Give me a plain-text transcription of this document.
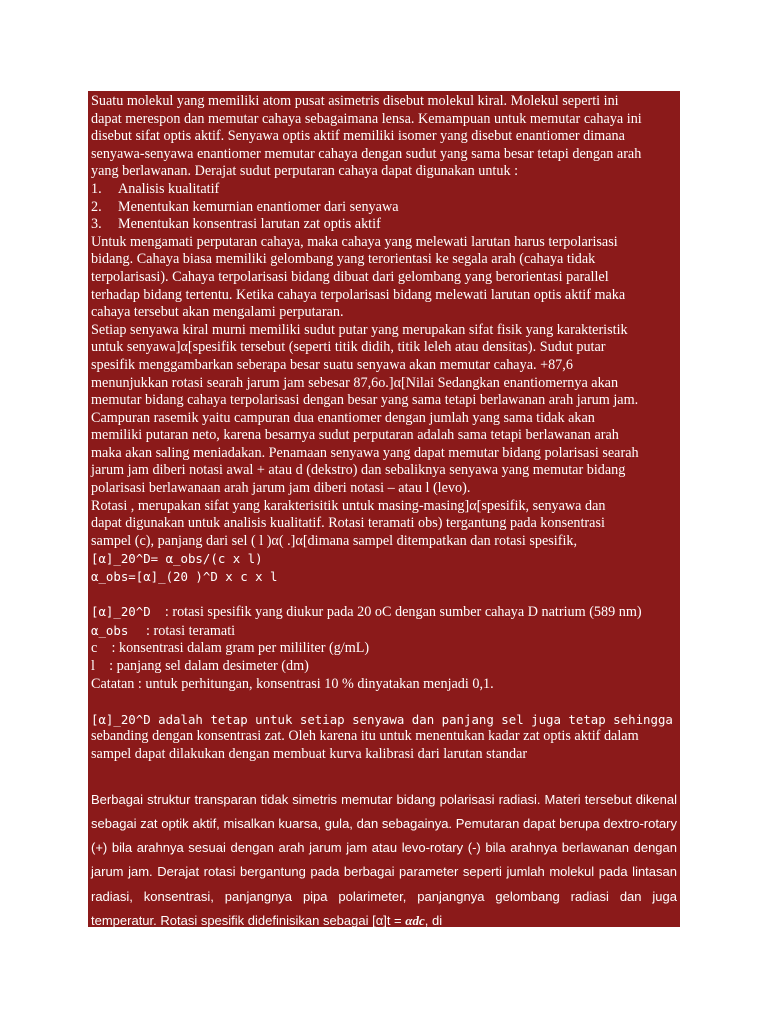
Suatu molekul yang memiliki atom pusat asimetris disebut molekul kiral. Molekul seperti ini
dapat merespon dan memutar cahaya sebagaimana lensa. Kemampuan untuk memutar cahaya ini
disebut sifat optis aktif. Senyawa optis aktif memiliki isomer yang disebut enantiomer dimana
senyawa-senyawa enantiomer memutar cahaya dengan sudut yang sama besar tetapi dengan arah
yang berlawanan. Derajat sudut perputaran cahaya dapat digunakan untuk :
1.	Analisis kualitatif
2.	Menentukan kemurnian enantiomer dari senyawa
3.	Menentukan konsentrasi larutan zat optis aktif
Untuk mengamati perputaran cahaya, maka cahaya yang melewati larutan harus terpolarisasi
bidang. Cahaya biasa memiliki gelombang yang terorientasi ke segala arah (cahaya tidak
terpolarisasi). Cahaya terpolarisasi bidang dibuat dari gelombang yang berorientasi parallel
terhadap bidang tertentu. Ketika cahaya terpolarisasi bidang melewati larutan optis aktif maka
cahaya tersebut akan mengalami perputaran.
Setiap senyawa kiral murni memiliki sudut putar yang merupakan sifat fisik yang karakteristik
untuk senyawa]α[spesifik tersebut (seperti titik didih, titik leleh atau densitas). Sudut putar
spesifik menggambarkan seberapa besar suatu senyawa akan memutar cahaya. +87,6
menunjukkan rotasi searah jarum jam sebesar 87,6o.]α[Nilai Sedangkan enantiomernya akan
memutar bidang cahaya terpolarisasi dengan besar yang sama tetapi berlawanan arah jarum jam.
Campuran rasemik yaitu campuran dua enantiomer dengan jumlah yang sama tidak akan
memiliki putaran neto, karena besarnya sudut perputaran adalah sama tetapi berlawanan arah
maka akan saling meniadakan. Penamaan senyawa yang dapat memutar bidang polarisasi searah
jarum jam diberi notasi awal + atau d (dekstro) dan sebaliknya senyawa yang memutar bidang
polarisasi berlawanaan arah jarum jam diberi notasi – atau l (levo).
Rotasi , merupakan sifat yang karakterisitik untuk masing-masing]α[spesifik, senyawa dan
dapat digunakan untuk analisis kualitatif. Rotasi teramati obs) tergantung pada konsentrasi
sampel (c), panjang dari sel ( l )α( .]α[dimana sampel ditempatkan dan rotasi spesifik,
[α]_20^D= α_obs/(c x l)
α_obs=[α]_(20 )^D x c x l
[α]_20^D    : rotasi spesifik yang diukur pada 20 oC dengan sumber cahaya D natrium (589 nm)
α_obs     : rotasi teramati
c    : konsentrasi dalam gram per mililiter (g/mL)
l    : panjang sel dalam desimeter (dm)
Catatan : untuk perhitungan, konsentrasi 10 % dinyatakan menjadi 0,1.
[α]_20^D adalah tetap untuk setiap senyawa dan panjang sel juga tetap sehingga α_obs akan
sebanding dengan konsentrasi zat. Oleh karena itu untuk menentukan kadar zat optis aktif dalam
sampel dapat dilakukan dengan membuat kurva kalibrasi dari larutan standar
Berbagai struktur transparan tidak simetris memutar bidang polarisasi radiasi. Materi tersebut dikenal sebagai zat optik aktif, misalkan kuarsa, gula, dan sebagainya. Pemutaran dapat berupa dextro-rotary (+) bila arahnya sesuai dengan arah jarum jam atau levo-rotary (-) bila arahnya berlawanan dengan jarum jam. Derajat rotasi bergantung pada berbagai parameter seperti jumlah molekul pada lintasan radiasi, konsentrasi, panjangnya pipa polarimeter, panjangnya gelombang radiasi dan juga temperatur. Rotasi spesifik didefinisikan sebagai [α]t = αdc, di
